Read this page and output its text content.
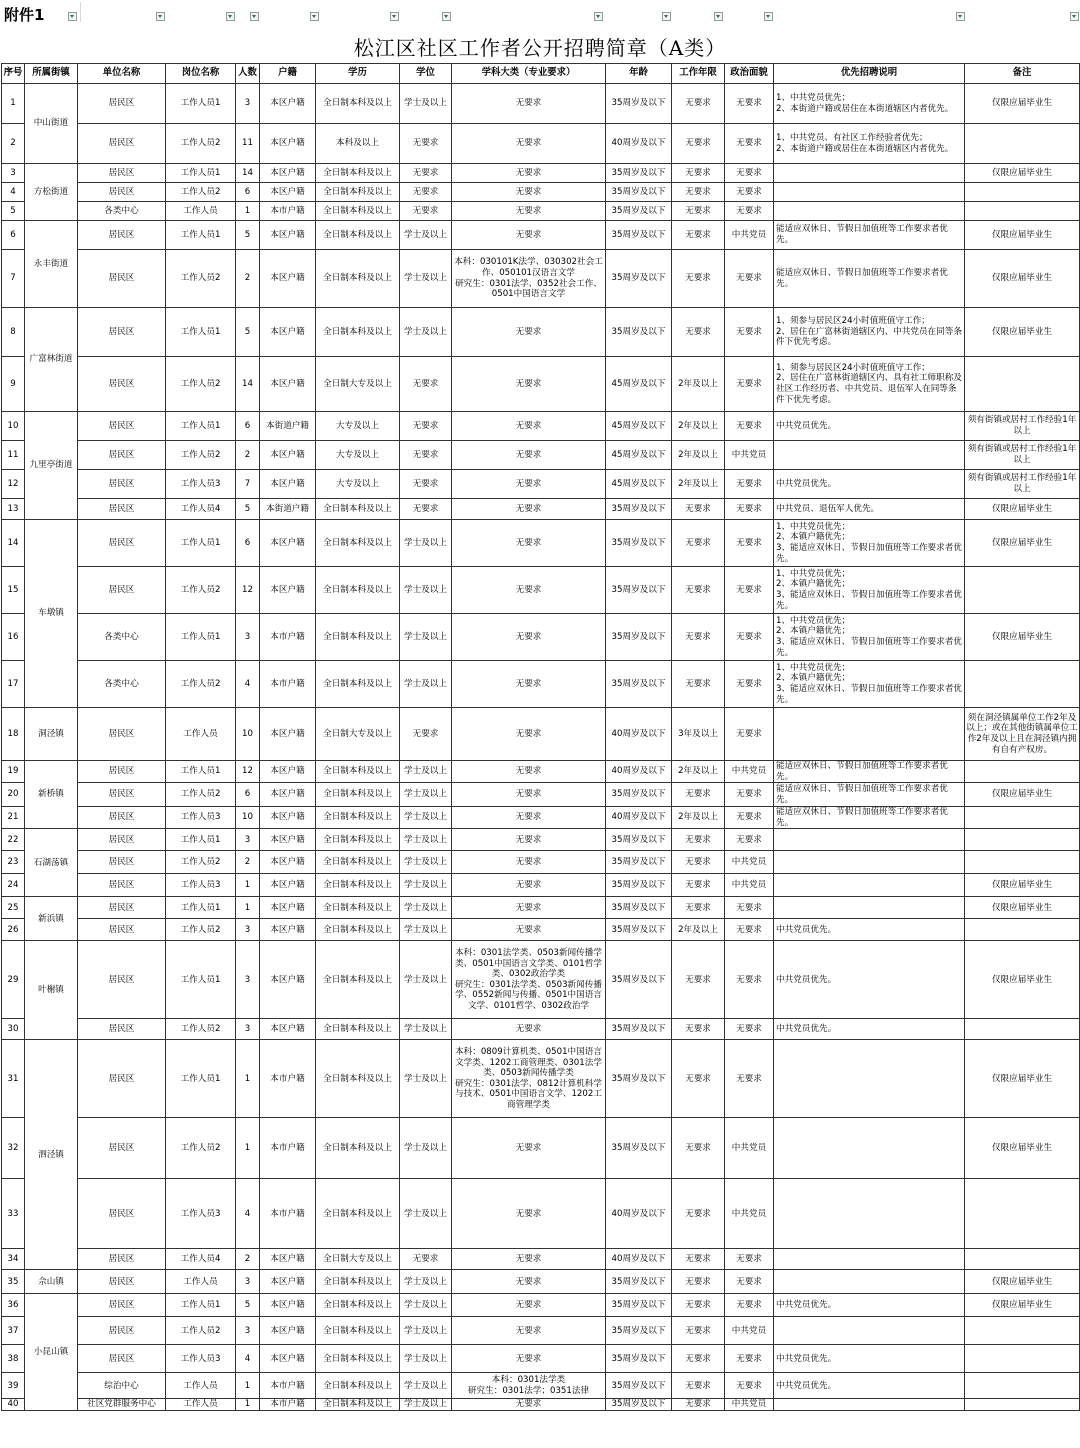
附件1
松江区社区工作者公开招聘简章（A类）
序号	所属街镇	单位名称	岗位名称	人数	户籍	学历	学位	学科大类（专业要求）	年龄	工作年限	政治面貌	优先招聘说明	备注
1	中山街道	居民区	工作人员1	3	本区户籍	全日制本科及以上	学士及以上	无要求	35周岁及以下	无要求	无要求	1、中共党员优先；
2、本街道户籍或居住在本街道辖区内者优先。	仅限应届毕业生
2		居民区	工作人员2	11	本区户籍	本科及以上	无要求	无要求	40周岁及以下	无要求	无要求	1、中共党员、有社区工作经验者优先；
2、本街道户籍或居住在本街道辖区内者优先。	
3	方松街道	居民区	工作人员1	14	本区户籍	全日制本科及以上	无要求	无要求	35周岁及以下	无要求	无要求		仅限应届毕业生
4		居民区	工作人员2	6	本区户籍	全日制本科及以上	无要求	无要求	35周岁及以下	无要求	无要求		
5		各类中心	工作人员	1	本市户籍	全日制本科及以上	无要求	无要求	35周岁及以下	无要求	无要求		
6	永丰街道	居民区	工作人员1	5	本区户籍	全日制本科及以上	学士及以上	无要求	35周岁及以下	无要求	中共党员	能适应双休日、节假日加值班等工作要求者优先。	仅限应届毕业生
7		居民区	工作人员2	2	本区户籍	全日制本科及以上	学士及以上	本科：030101K法学、030302社会工作、050101汉语言文学
研究生：0301法学、0352社会工作、0501中国语言文学	35周岁及以下	无要求	无要求	能适应双休日、节假日加值班等工作要求者优先。	仅限应届毕业生
8	广富林街道	居民区	工作人员1	5	本区户籍	全日制本科及以上	学士及以上	无要求	35周岁及以下	无要求	无要求	1、须参与居民区24小时值班值守工作；
2、居住在广富林街道辖区内、中共党员在同等条件下优先考虑。	仅限应届毕业生
9		居民区	工作人员2	14	本区户籍	全日制大专及以上	无要求	无要求	45周岁及以下	2年及以上	无要求	1、须参与居民区24小时值班值守工作；
2、居住在广富林街道辖区内、具有社工师职称及社区工作经历者、中共党员、退伍军人在同等条件下优先考虑。	
10	九里亭街道	居民区	工作人员1	6	本街道户籍	大专及以上	无要求	无要求	45周岁及以下	2年及以上	无要求	中共党员优先。	须有街镇或居村工作经验1年以上
11		居民区	工作人员2	2	本区户籍	大专及以上	无要求	无要求	45周岁及以下	2年及以上	中共党员		须有街镇或居村工作经验1年以上
12		居民区	工作人员3	7	本区户籍	大专及以上	无要求	无要求	45周岁及以下	2年及以上	无要求	中共党员优先。	须有街镇或居村工作经验1年以上
13		居民区	工作人员4	5	本街道户籍	全日制本科及以上	无要求	无要求	35周岁及以下	无要求	无要求	中共党员、退伍军人优先。	仅限应届毕业生
14	车墩镇	居民区	工作人员1	6	本区户籍	全日制本科及以上	学士及以上	无要求	35周岁及以下	无要求	无要求	1、中共党员优先；
2、本镇户籍优先；
3、能适应双休日、节假日加值班等工作要求者优先。	仅限应届毕业生
15		居民区	工作人员2	12	本区户籍	全日制本科及以上	学士及以上	无要求	35周岁及以下	无要求	无要求	1、中共党员优先；
2、本镇户籍优先；
3、能适应双休日、节假日加值班等工作要求者优先。	
16		各类中心	工作人员1	3	本市户籍	全日制本科及以上	学士及以上	无要求	35周岁及以下	无要求	无要求	1、中共党员优先；
2、本镇户籍优先；
3、能适应双休日、节假日加值班等工作要求者优先。	仅限应届毕业生
17		各类中心	工作人员2	4	本市户籍	全日制本科及以上	学士及以上	无要求	35周岁及以下	无要求	无要求	1、中共党员优先；
2、本镇户籍优先；
3、能适应双休日、节假日加值班等工作要求者优先。	
18	洞泾镇	居民区	工作人员	10	本区户籍	全日制大专及以上	无要求	无要求	40周岁及以下	3年及以上	无要求		须在洞泾镇属单位工作2年及以上；或在其他街镇属单位工作2年及以上且在洞泾镇内拥有自有产权房。
19	新桥镇	居民区	工作人员1	12	本区户籍	全日制本科及以上	学士及以上	无要求	40周岁及以下	2年及以上	中共党员	能适应双休日、节假日加值班等工作要求者优先。	
20		居民区	工作人员2	6	本区户籍	全日制本科及以上	学士及以上	无要求	35周岁及以下	无要求	无要求	能适应双休日、节假日加值班等工作要求者优先。	仅限应届毕业生
21		居民区	工作人员3	10	本区户籍	全日制本科及以上	学士及以上	无要求	40周岁及以下	2年及以上	无要求	能适应双休日、节假日加值班等工作要求者优先。	
22	石湖荡镇	居民区	工作人员1	3	本区户籍	全日制本科及以上	学士及以上	无要求	35周岁及以下	无要求	无要求		
23		居民区	工作人员2	2	本区户籍	全日制本科及以上	学士及以上	无要求	35周岁及以下	无要求	中共党员		
24		居民区	工作人员3	1	本区户籍	全日制本科及以上	学士及以上	无要求	35周岁及以下	无要求	中共党员		仅限应届毕业生
25	新浜镇	居民区	工作人员1	1	本区户籍	全日制本科及以上	学士及以上	无要求	35周岁及以下	无要求	无要求		仅限应届毕业生
26		居民区	工作人员2	3	本区户籍	全日制本科及以上	学士及以上	无要求	35周岁及以下	2年及以上	无要求	中共党员优先。	
29	叶榭镇	居民区	工作人员1	3	本区户籍	全日制本科及以上	学士及以上	本科：0301法学类、0503新闻传播学类、0501中国语言文学类、0101哲学类、0302政治学类
研究生：0301法学类、0503新闻传播学、0552新闻与传播、0501中国语言文学、0101哲学、0302政治学	35周岁及以下	无要求	无要求	中共党员优先。	仅限应届毕业生
30		居民区	工作人员2	3	本区户籍	全日制本科及以上	学士及以上	无要求	35周岁及以下	无要求	无要求	中共党员优先。	
31	泗泾镇	居民区	工作人员1	1	本市户籍	全日制本科及以上	学士及以上	本科：0809计算机类、0501中国语言文学类、1202工商管理类、0301法学类、0503新闻传播学类
研究生：0301法学、0812计算机科学与技术、0501中国语言文学、1202工商管理学类	35周岁及以下	无要求	无要求		仅限应届毕业生
32		居民区	工作人员2	1	本市户籍	全日制本科及以上	学士及以上	无要求	35周岁及以下	无要求	中共党员		仅限应届毕业生
33		居民区	工作人员3	4	本市户籍	全日制本科及以上	学士及以上	无要求	40周岁及以下	无要求	中共党员		
34		居民区	工作人员4	2	本区户籍	全日制大专及以上	无要求	无要求	40周岁及以下	无要求	无要求		
35	佘山镇	居民区	工作人员	3	本区户籍	全日制本科及以上	学士及以上	无要求	35周岁及以下	无要求	无要求		仅限应届毕业生
36	小昆山镇	居民区	工作人员1	5	本区户籍	全日制本科及以上	学士及以上	无要求	35周岁及以下	无要求	无要求	中共党员优先。	仅限应届毕业生
37		居民区	工作人员2	3	本区户籍	全日制本科及以上	学士及以上	无要求	35周岁及以下	无要求	中共党员		
38		居民区	工作人员3	4	本区户籍	全日制本科及以上	学士及以上	无要求	35周岁及以下	无要求	无要求	中共党员优先。	
39		综治中心	工作人员	1	本市户籍	全日制本科及以上	学士及以上	本科：0301法学类
研究生：0301法学；0351法律	35周岁及以下	无要求	无要求	中共党员优先。	
40		社区党群服务中心	工作人员	1	本市户籍	全日制本科及以上	学士及以上	无要求	35周岁及以下	无要求	中共党员		
